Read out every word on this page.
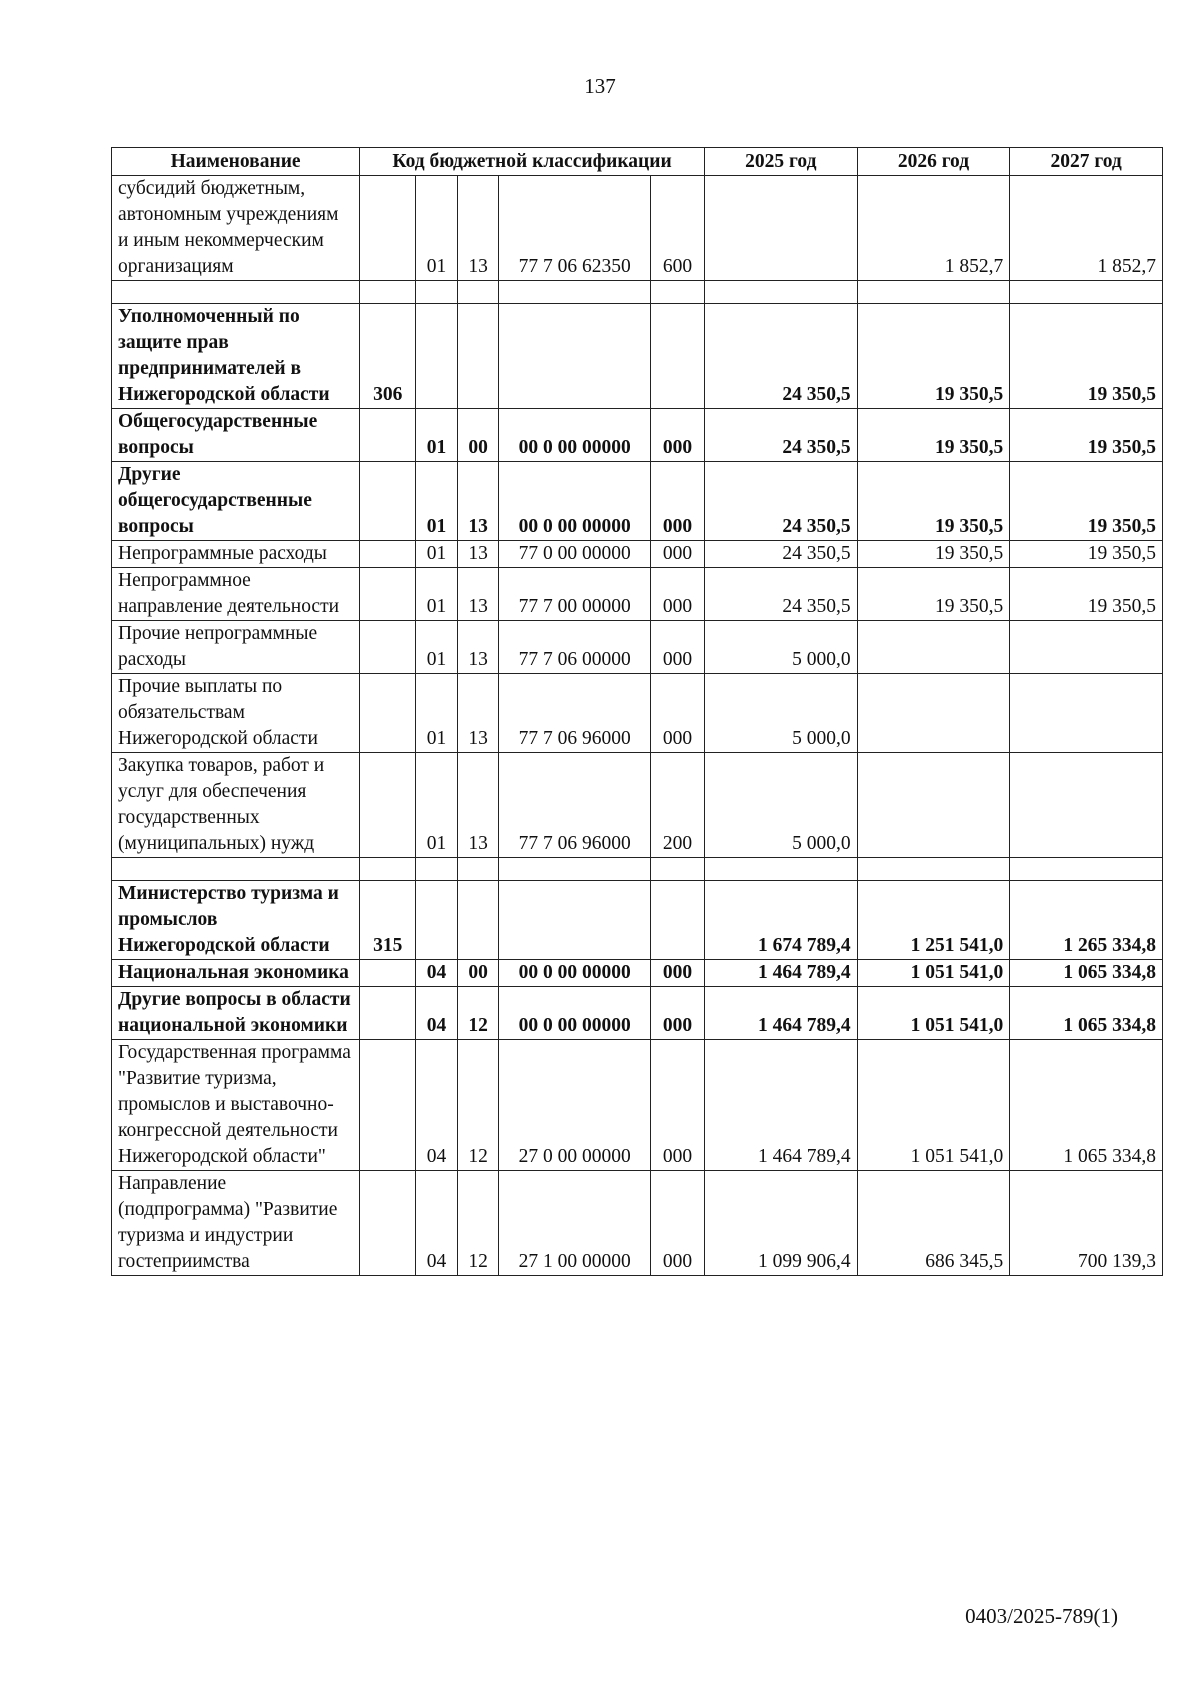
137
Наименование	Код бюджетной классификации					2025 год	2026 год	2027 год
субсидий бюджетным, автономным учреждениям и иным некоммерческим организациям		01	13	77 7 06 62350	600		1 852,7	1 852,7

Уполномоченный по защите прав предпринимателей в Нижегородской области	306					24 350,5	19 350,5	19 350,5
Общегосударственные вопросы		01	00	00 0 00 00000	000	24 350,5	19 350,5	19 350,5
Другие общегосударственные вопросы		01	13	00 0 00 00000	000	24 350,5	19 350,5	19 350,5
Непрограммные расходы		01	13	77 0 00 00000	000	24 350,5	19 350,5	19 350,5
Непрограммное направление деятельности		01	13	77 7 00 00000	000	24 350,5	19 350,5	19 350,5
Прочие непрограммные расходы		01	13	77 7 06 00000	000	5 000,0		
Прочие выплаты по обязательствам Нижегородской области		01	13	77 7 06 96000	000	5 000,0		
Закупка товаров, работ и услуг для обеспечения государственных (муниципальных) нужд		01	13	77 7 06 96000	200	5 000,0		

Министерство туризма и промыслов Нижегородской области	315					1 674 789,4	1 251 541,0	1 265 334,8
Национальная экономика		04	00	00 0 00 00000	000	1 464 789,4	1 051 541,0	1 065 334,8
Другие вопросы в области национальной экономики		04	12	00 0 00 00000	000	1 464 789,4	1 051 541,0	1 065 334,8
Государственная программа "Развитие туризма, промыслов и выставочно-конгрессной деятельности Нижегородской области"		04	12	27 0 00 00000	000	1 464 789,4	1 051 541,0	1 065 334,8
Направление (подпрограмма) "Развитие туризма и индустрии гостеприимства		04	12	27 1 00 00000	000	1 099 906,4	686 345,5	700 139,3
0403/2025-789(1)
